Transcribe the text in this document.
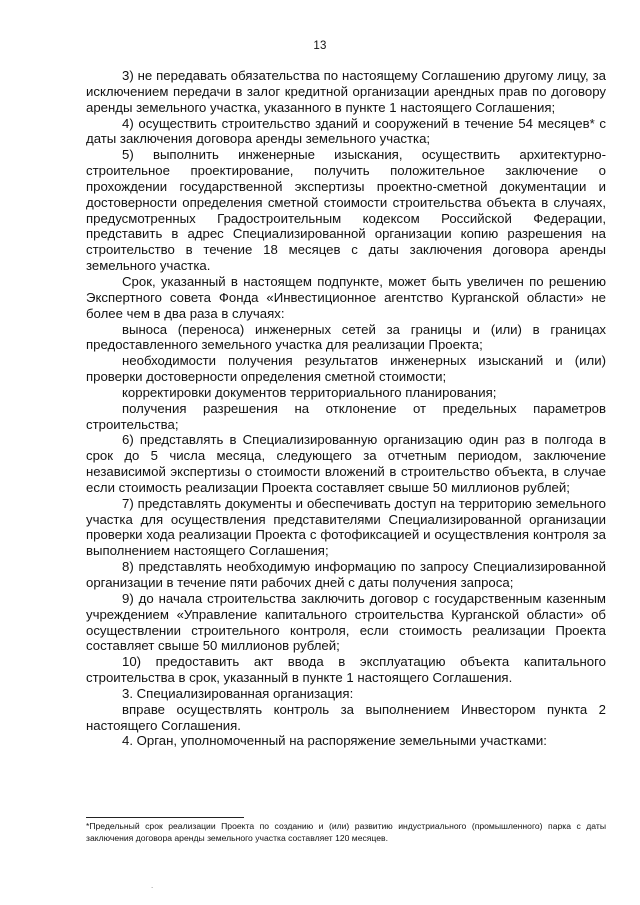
13

3) не передавать обязательства по настоящему Соглашению другому лицу, за исключением передачи в залог кредитной организации арендных прав по договору аренды земельного участка, указанного в пункте 1 настоящего Соглашения;

4) осуществить строительство зданий и сооружений в течение 54 месяцев* с даты заключения договора аренды земельного участка;

5) выполнить инженерные изыскания, осуществить архитектурно-строительное проектирование, получить положительное заключение о прохождении государственной экспертизы проектно-сметной документации и достоверности определения сметной стоимости строительства объекта в случаях, предусмотренных Градостроительным кодексом Российской Федерации, представить в адрес Специализированной организации копию разрешения на строительство в течение 18 месяцев с даты заключения договора аренды земельного участка.

Срок, указанный в настоящем подпункте, может быть увеличен по решению Экспертного совета Фонда «Инвестиционное агентство Курганской области» не более чем в два раза в случаях:

выноса (переноса) инженерных сетей за границы и (или) в границах предоставленного земельного участка для реализации Проекта;

необходимости получения результатов инженерных изысканий и (или) проверки достоверности определения сметной стоимости;

корректировки документов территориального планирования;

получения разрешения на отклонение от предельных параметров строительства;

6) представлять в Специализированную организацию один раз в полгода в срок до 5 числа месяца, следующего за отчетным периодом, заключение независимой экспертизы о стоимости вложений в строительство объекта, в случае если стоимость реализации Проекта составляет свыше 50 миллионов рублей;

7) представлять документы и обеспечивать доступ на территорию земельного участка для осуществления представителями Специализированной организации проверки хода реализации Проекта с фотофиксацией и осуществления контроля за выполнением настоящего Соглашения;

8) представлять необходимую информацию по запросу Специализированной организации в течение пяти рабочих дней с даты получения запроса;

9) до начала строительства заключить договор с государственным казенным учреждением «Управление капитального строительства Курганской области» об осуществлении строительного контроля, если стоимость реализации Проекта составляет свыше 50 миллионов рублей;

10) предоставить акт ввода в эксплуатацию объекта капитального строительства в срок, указанный в пункте 1 настоящего Соглашения.

3. Специализированная организация:

вправе осуществлять контроль за выполнением Инвестором пункта 2 настоящего Соглашения.

4. Орган, уполномоченный на распоряжение земельными участками:

*Предельный срок реализации Проекта по созданию и (или) развитию индустриального (промышленного) парка с даты заключения договора аренды земельного участка составляет 120 месяцев.

.
